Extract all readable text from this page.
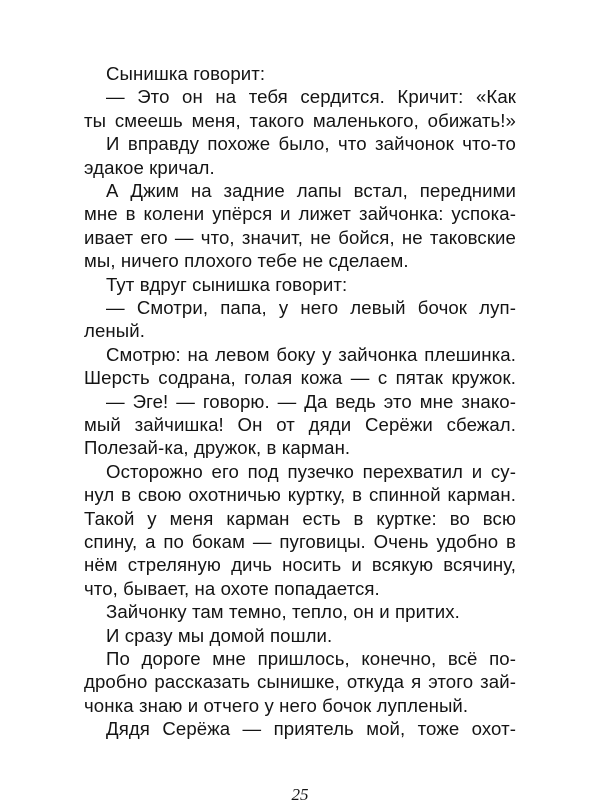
Сынишка говорит:
— Это он на тебя сердится. Кричит: «Как
ты смеешь меня, такого маленького, обижать!»
И вправду похоже было, что зайчонок что-то
эдакое кричал.
А Джим на задние лапы встал, передними
мне в колени упёрся и лижет зайчонка: успока-
ивает его — что, значит, не бойся, не таковские
мы, ничего плохого тебе не сделаем.
Тут вдруг сынишка говорит:
— Смотри, папа, у него левый бочок луп-
леный.
Смотрю: на левом боку у зайчонка плешинка.
Шерсть содрана, голая кожа — с пятак кружок.
— Эге! — говорю. — Да ведь это мне знако-
мый зайчишка! Он от дяди Серёжи сбежал.
Полезай-ка, дружок, в карман.
Осторожно его под пузечко перехватил и су-
нул в свою охотничью куртку, в спинной карман.
Такой у меня карман есть в куртке: во всю
спину, а по бокам — пуговицы. Очень удобно в
нём стреляную дичь носить и всякую всячину,
что, бывает, на охоте попадается.
Зайчонку там темно, тепло, он и притих.
И сразу мы домой пошли.
По дороге мне пришлось, конечно, всё по-
дробно рассказать сынишке, откуда я этого зай-
чонка знаю и отчего у него бочок лупленый.
Дядя Серёжа — приятель мой, тоже охот-
25
